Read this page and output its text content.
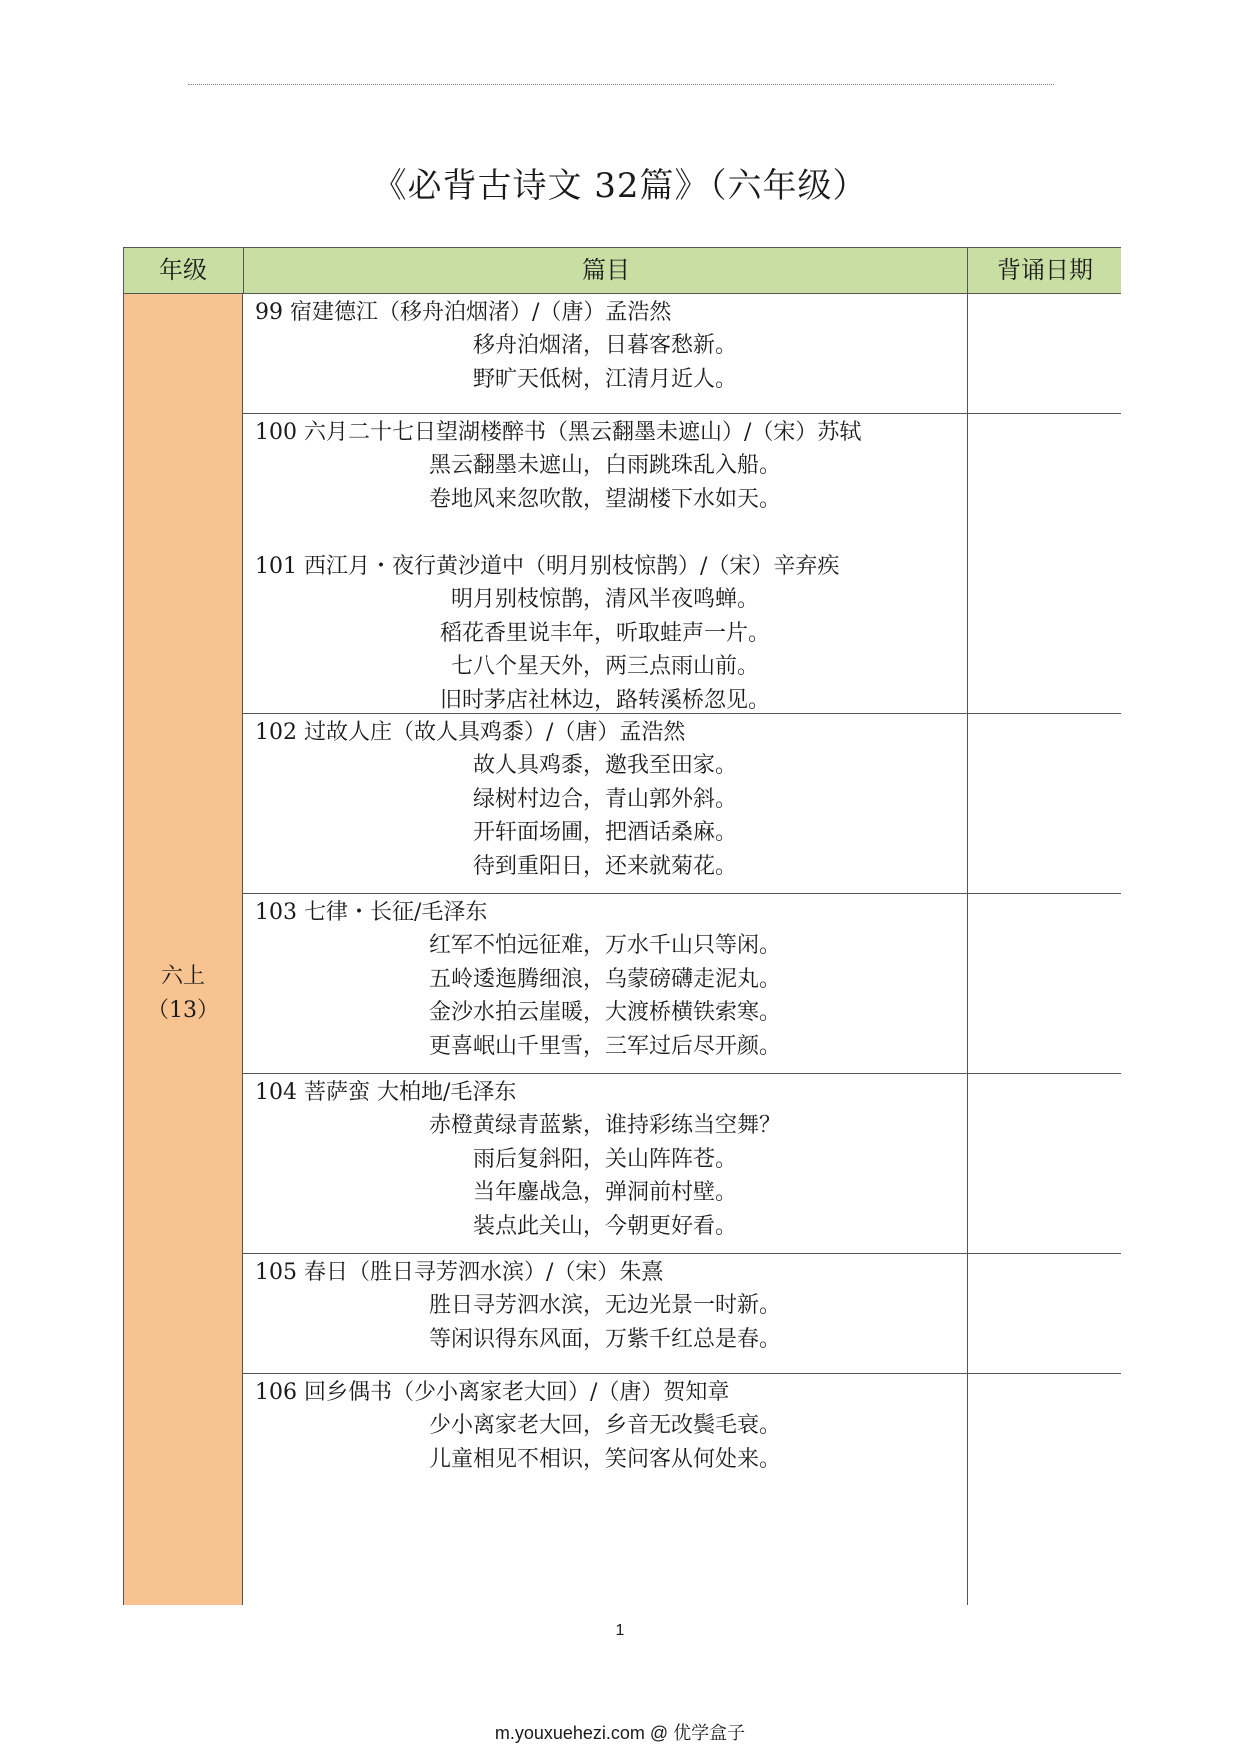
《必背古诗文 32篇》（六年级）
年级	篇目	背诵日期
六上
（13）
99 宿建德江（移舟泊烟渚）/（唐）孟浩然
移舟泊烟渚，日暮客愁新。
野旷天低树，江清月近人。
100 六月二十七日望湖楼醉书（黑云翻墨未遮山）/（宋）苏轼
黑云翻墨未遮山，白雨跳珠乱入船。
卷地风来忽吹散，望湖楼下水如天。
101 西江月・夜行黄沙道中（明月别枝惊鹊）/（宋）辛弃疾
明月别枝惊鹊，清风半夜鸣蝉。
稻花香里说丰年，听取蛙声一片。
七八个星天外，两三点雨山前。
旧时茅店社林边，路转溪桥忽见。
102 过故人庄（故人具鸡黍）/（唐）孟浩然
故人具鸡黍，邀我至田家。
绿树村边合，青山郭外斜。
开轩面场圃，把酒话桑麻。
待到重阳日，还来就菊花。
103 七律・长征/毛泽东
红军不怕远征难，万水千山只等闲。
五岭逶迤腾细浪，乌蒙磅礴走泥丸。
金沙水拍云崖暖，大渡桥横铁索寒。
更喜岷山千里雪，三军过后尽开颜。
104 菩萨蛮 大柏地/毛泽东
赤橙黄绿青蓝紫，谁持彩练当空舞？
雨后复斜阳，关山阵阵苍。
当年鏖战急，弹洞前村壁。
装点此关山，今朝更好看。
105 春日（胜日寻芳泗水滨）/（宋）朱熹
胜日寻芳泗水滨，无边光景一时新。
等闲识得东风面，万紫千红总是春。
106 回乡偶书（少小离家老大回）/（唐）贺知章
少小离家老大回，乡音无改鬓毛衰。
儿童相见不相识，笑问客从何处来。
1
m.youxuehezi.com @ 优学盒子
